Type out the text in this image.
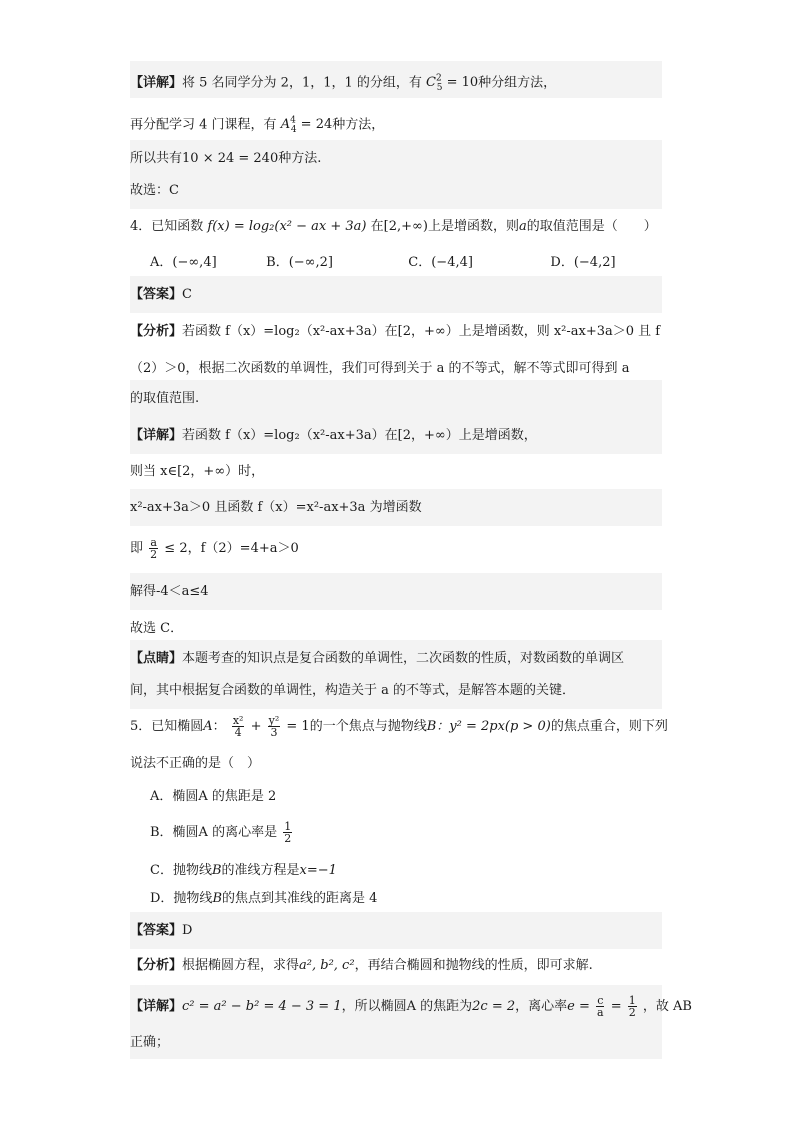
【详解】将 5 名同学分为 2，1，1，1 的分组，有 $C^2_5 = 10$种分组方法，
再分配学习 4 门课程，有 $A^4_4 = 24$种方法，
所以共有10 × 24 = 240种方法.
故选：C
4．已知函数 f(x) = log₂(x² − ax + 3a) 在[2,+∞)上是增函数，则a的取值范围是（　　）
A．(−∞,4]	B．(−∞,2]	C．(−4,4]	D．(−4,2]
【答案】C
【分析】若函数 f（x）=log₂（x²-ax+3a）在[2，+∞）上是增函数，则 x²-ax+3a＞0 且 f
（2）＞0，根据二次函数的单调性，我们可得到关于 a 的不等式，解不等式即可得到 a
的取值范围.
【详解】若函数 f（x）=log₂（x²-ax+3a）在[2，+∞）上是增函数，
则当 x∈[2，+∞）时，
x²-ax+3a＞0 且函数 f（x）=x²-ax+3a 为增函数
即 $\frac{a}{2} \le 2$，f（2）=4+a＞0
解得-4＜a≤4
故选 C．
【点睛】本题考查的知识点是复合函数的单调性，二次函数的性质，对数函数的单调区
间，其中根据复合函数的单调性，构造关于 a 的不等式，是解答本题的关键．
5．已知椭圆A： $\frac{\text{x²}}{4} + \frac{\text{y²}}{3} = 1$的一个焦点与抛物线B：y² = 2px(p > 0)的焦点重合，则下列
说法不正确的是（　）
A．椭圆A 的焦距是 2
B．椭圆A 的离心率是 $\frac{1}{2}$
C．抛物线B的准线方程是x=−1
D．抛物线B的焦点到其准线的距离是 4
【答案】D
【分析】根据椭圆方程，求得a², b², c²，再结合椭圆和抛物线的性质，即可求解.
【详解】c² = a² − b² = 4 − 3 = 1，所以椭圆A 的焦距为2c = 2，离心率$e = \frac{c}{a} = \frac{1}{2}$ ，故 AB
正确；
